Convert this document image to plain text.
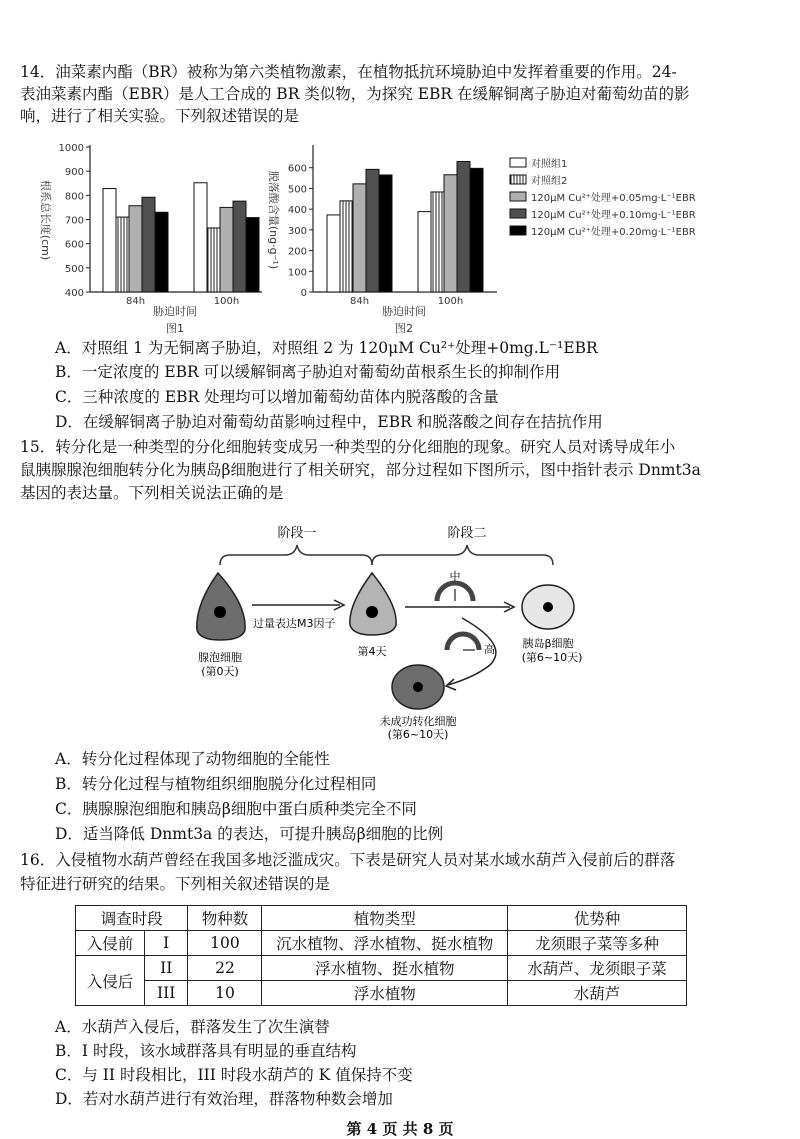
14．油菜素内酯（BR）被称为第六类植物激素，在植物抵抗环境胁迫中发挥着重要的作用。24-
表油菜素内酯（EBR）是人工合成的 BR 类似物，为探究 EBR 在缓解铜离子胁迫对葡萄幼苗的影
响，进行了相关实验。下列叙述错误的是
400
500
600
700
800
900
1000
84h	100h
0
100
200
300
400
500
600
84h	100h
根系总长度(cm)	脱落酸含量(ng·g⁻¹)
胁迫时间
图1
胁迫时间
图2
对照组1
对照组2
120μM Cu²⁺处理+0.05mg·L⁻¹EBR
120μM Cu²⁺处理+0.10mg·L⁻¹EBR
120μM Cu²⁺处理+0.20mg·L⁻¹EBR
A．对照组 1 为无铜离子胁迫，对照组 2 为 120μM Cu²⁺处理+0mg.L⁻¹EBR
B．一定浓度的 EBR 可以缓解铜离子胁迫对葡萄幼苗根系生长的抑制作用
C．三种浓度的 EBR 处理均可以增加葡萄幼苗体内脱落酸的含量
D．在缓解铜离子胁迫对葡萄幼苗影响过程中，EBR 和脱落酸之间存在拮抗作用
15．转分化是一种类型的分化细胞转变成另一种类型的分化细胞的现象。研究人员对诱导成年小
鼠胰腺腺泡细胞转分化为胰岛β细胞进行了相关研究，部分过程如下图所示，图中指针表示 Dnmt3a
基因的表达量。下列相关说法正确的是
阶段一	阶段二
腺泡细胞
(第0天)
过量表达M3因子
第4天
中
胰岛β细胞
(第6~10天)
高
未成功转化细胞
(第6~10天)
A．转分化过程体现了动物细胞的全能性
B．转分化过程与植物组织细胞脱分化过程相同
C．胰腺腺泡细胞和胰岛β细胞中蛋白质种类完全不同
D．适当降低 Dnmt3a 的表达，可提升胰岛β细胞的比例
16．入侵植物水葫芦曾经在我国多地泛滥成灾。下表是研究人员对某水域水葫芦入侵前后的群落
特征进行研究的结果。下列相关叙述错误的是
调查时段		物种数	植物类型	优势种
入侵前	I	100	沉水植物、浮水植物、挺水植物	龙须眼子菜等多种
入侵后	II	22	浮水植物、挺水植物	水葫芦、龙须眼子菜
	III	10	浮水植物	水葫芦
A．水葫芦入侵后，群落发生了次生演替
B．I 时段，该水域群落具有明显的垂直结构
C．与 II 时段相比，III 时段水葫芦的 K 值保持不变
D．若对水葫芦进行有效治理，群落物种数会增加
第 4 页 共 8 页
